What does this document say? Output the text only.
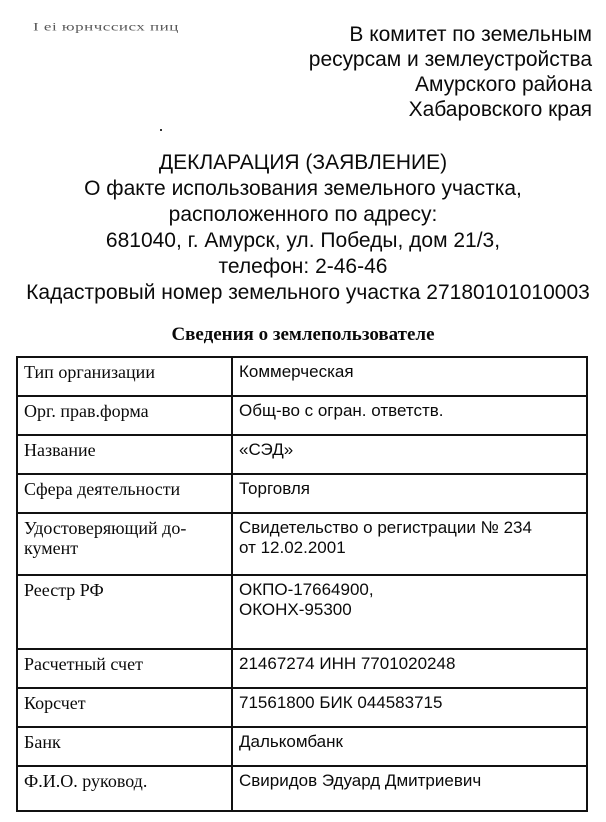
I ei юрнчссисх пиц	В комитет по земельным
ресурсам и землеустройства
Амурского района
Хабаровского края
ДЕКЛАРАЦИЯ (ЗАЯВЛЕНИЕ)
О факте использования земельного участка,
расположенного по адресу:
681040, г. Амурск, ул. Победы, дом 21/3,
телефон: 2-46-46
Кадастровый номер земельного участка 27180101010003
Сведения о землепользователе
Тип организации	Коммерческая

Орг. прав.форма	Общ-во с огран. ответств.

Название	«СЭД»

Сфера деятельности	Торговля

Удостоверяющий до-
кумент	Свидетельство о регистрации № 234
от 12.02.2001

Реестр РФ	ОКПО-17664900,
ОКОНХ-95300

Расчетный счет	21467274 ИНН 7701020248

Корсчет	71561800 БИК 044583715

Банк	Далькомбанк

Ф.И.О. руковод.	Свиридов Эдуард Дмитриевич
